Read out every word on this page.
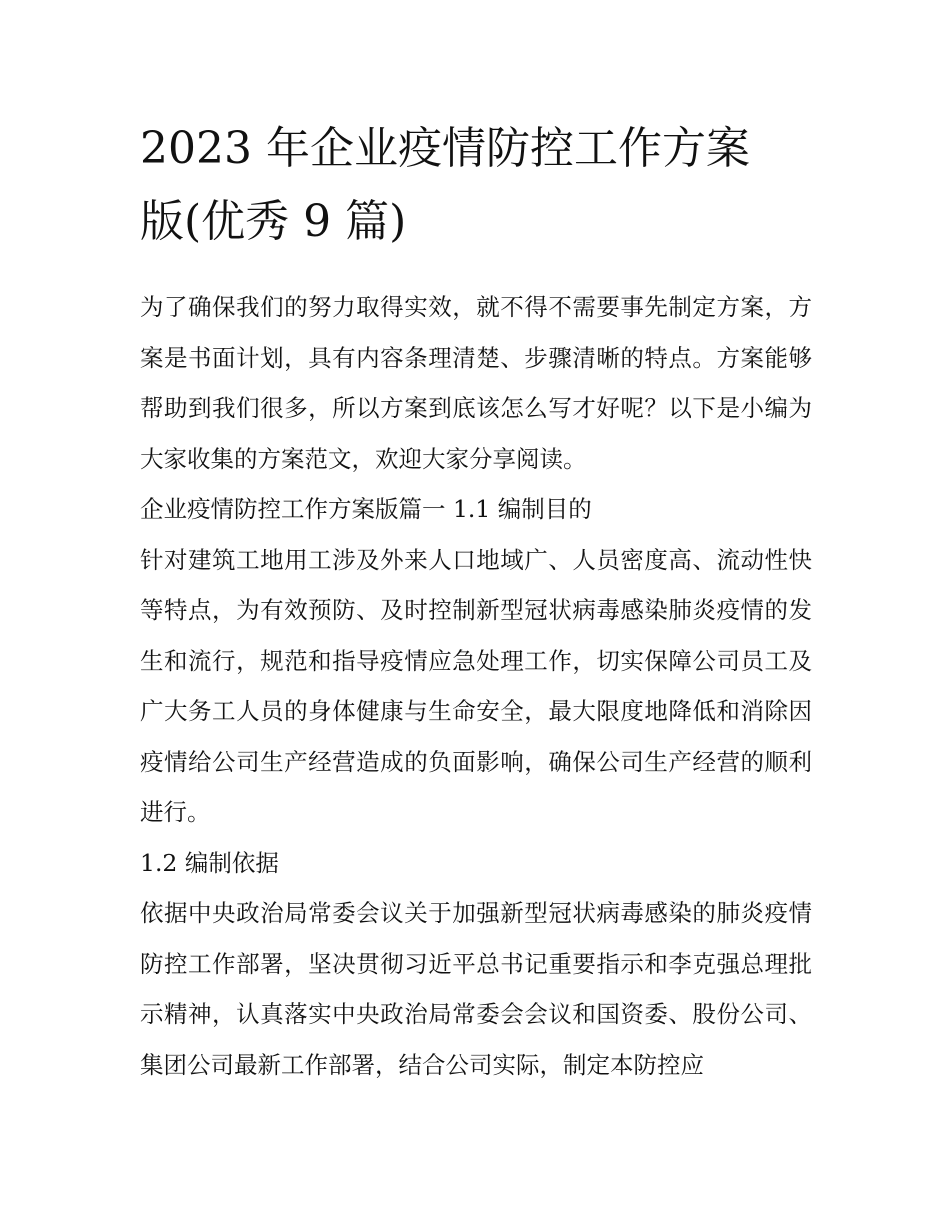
2023 年企业疫情防控工作方案
版(优秀 9 篇)

为了确保我们的努力取得实效，就不得不需要事先制定方案，方案是书面计划，具有内容条理清楚、步骤清晰的特点。方案能够帮助到我们很多，所以方案到底该怎么写才好呢？以下是小编为大家收集的方案范文，欢迎大家分享阅读。

企业疫情防控工作方案版篇一 1.1 编制目的

针对建筑工地用工涉及外来人口地域广、人员密度高、流动性快等特点，为有效预防、及时控制新型冠状病毒感染肺炎疫情的发生和流行，规范和指导疫情应急处理工作，切实保障公司员工及广大务工人员的身体健康与生命安全，最大限度地降低和消除因疫情给公司生产经营造成的负面影响，确保公司生产经营的顺利进行。

1.2 编制依据

依据中央政治局常委会议关于加强新型冠状病毒感染的肺炎疫情防控工作部署，坚决贯彻习近平总书记重要指示和李克强总理批示精神，认真落实中央政治局常委会会议和国资委、股份公司、集团公司最新工作部署，结合公司实际，制定本防控应
